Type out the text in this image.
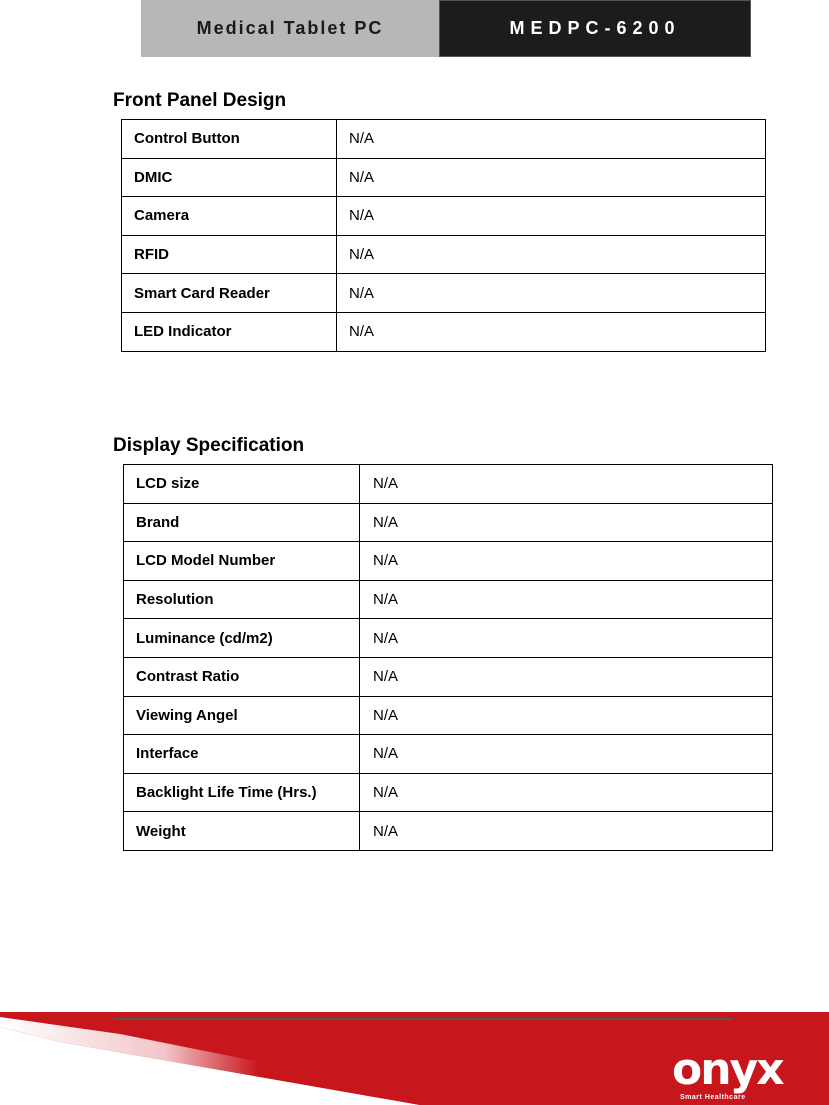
Medical Tablet PC	MEDPC-6200
Front Panel Design
Control Button	N/A
DMIC	N/A
Camera	N/A
RFID	N/A
Smart Card Reader	N/A
LED Indicator	N/A
Display Specification
LCD size	N/A
Brand	N/A
LCD Model Number	N/A
Resolution	N/A
Luminance (cd/m2)	N/A
Contrast Ratio	N/A
Viewing Angel	N/A
Interface	N/A
Backlight Life Time (Hrs.)	N/A
Weight	N/A
onyx
Smart Healthcare
